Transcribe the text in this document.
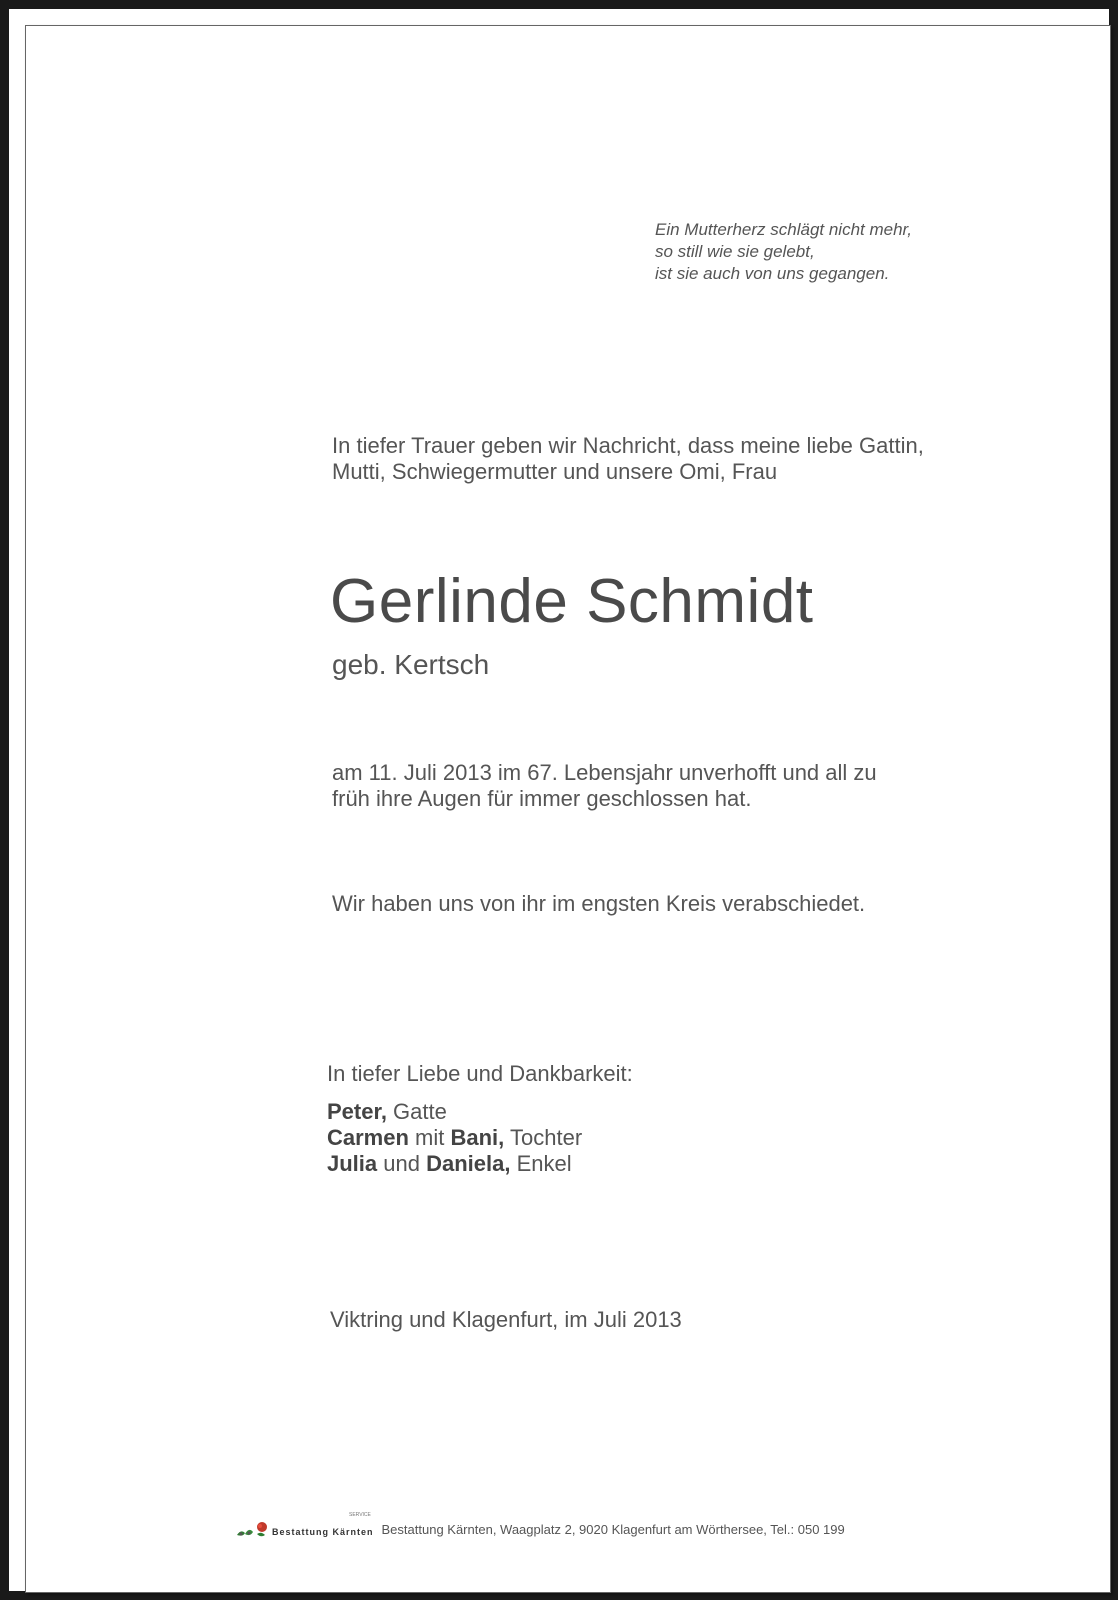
Ein Mutterherz schlägt nicht mehr,
so still wie sie gelebt,
ist sie auch von uns gegangen.
In tiefer Trauer geben wir Nachricht, dass meine liebe Gattin,
Mutti, Schwiegermutter und unsere Omi, Frau
Gerlinde Schmidt
geb. Kertsch
am 11. Juli 2013 im 67. Lebensjahr unverhofft und all zu
früh ihre Augen für immer geschlossen hat.
Wir haben uns von ihr im engsten Kreis verabschiedet.
In tiefer Liebe und Dankbarkeit:
Peter, Gatte
Carmen mit Bani, Tochter
Julia und Daniela, Enkel
Viktring und Klagenfurt, im Juli 2013
Bestattung Kärnten
SERVICE
Bestattung Kärnten, Waagplatz 2, 9020 Klagenfurt am Wörthersee, Tel.: 050 199
